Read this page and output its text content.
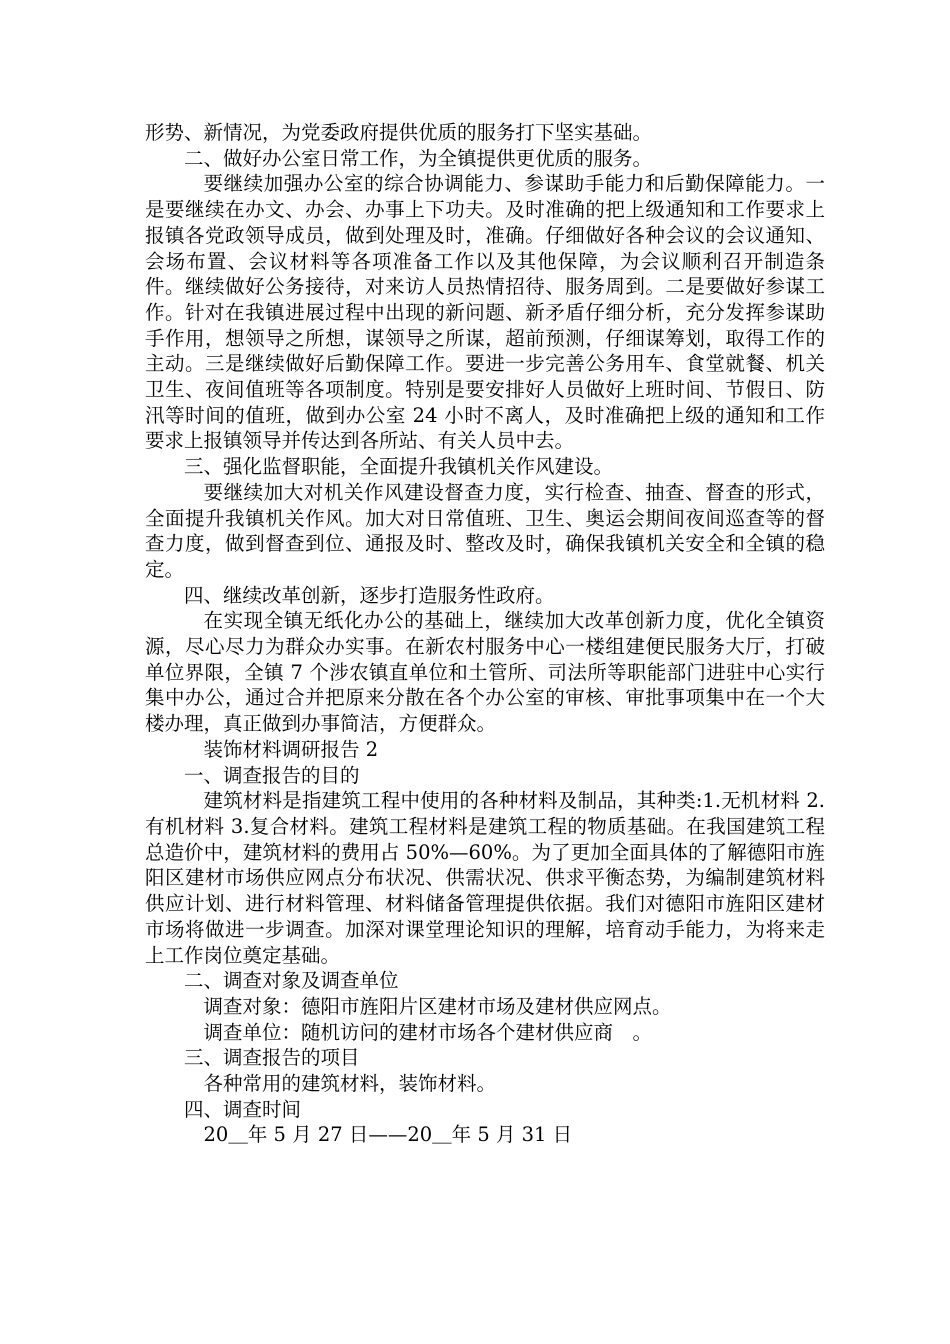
形势、新情况，为党委政府提供优质的服务打下坚实基础。

二、做好办公室日常工作，为全镇提供更优质的服务。

要继续加强办公室的综合协调能力、参谋助手能力和后勤保障能力。一是要继续在办文、办会、办事上下功夫。及时准确的把上级通知和工作要求上报镇各党政领导成员，做到处理及时，准确。仔细做好各种会议的会议通知、会场布置、会议材料等各项准备工作以及其他保障，为会议顺利召开制造条件。继续做好公务接待，对来访人员热情招待、服务周到。二是要做好参谋工作。针对在我镇进展过程中出现的新问题、新矛盾仔细分析，充分发挥参谋助手作用，想领导之所想，谋领导之所谋，超前预测，仔细谋筹划，取得工作的主动。三是继续做好后勤保障工作。要进一步完善公务用车、食堂就餐、机关卫生、夜间值班等各项制度。特别是要安排好人员做好上班时间、节假日、防汛等时间的值班，做到办公室 24 小时不离人，及时准确把上级的通知和工作要求上报镇领导并传达到各所站、有关人员中去。

三、强化监督职能，全面提升我镇机关作风建设。

要继续加大对机关作风建设督查力度，实行检查、抽查、督查的形式，全面提升我镇机关作风。加大对日常值班、卫生、奥运会期间夜间巡查等的督查力度，做到督查到位、通报及时、整改及时，确保我镇机关安全和全镇的稳定。

四、继续改革创新，逐步打造服务性政府。

在实现全镇无纸化办公的基础上，继续加大改革创新力度，优化全镇资源，尽心尽力为群众办实事。在新农村服务中心一楼组建便民服务大厅，打破单位界限，全镇 7 个涉农镇直单位和土管所、司法所等职能部门进驻中心实行集中办公，通过合并把原来分散在各个办公室的审核、审批事项集中在一个大楼办理，真正做到办事简洁，方便群众。

装饰材料调研报告 2

一、调查报告的目的

建筑材料是指建筑工程中使用的各种材料及制品，其种类:1.无机材料 2.有机材料 3.复合材料。建筑工程材料是建筑工程的物质基础。在我国建筑工程总造价中，建筑材料的费用占 50%—60%。为了更加全面具体的了解德阳市旌阳区建材市场供应网点分布状况、供需状况、供求平衡态势，为编制建筑材料供应计划、进行材料管理、材料储备管理提供依据。我们对德阳市旌阳区建材市场将做进一步调查。加深对课堂理论知识的理解，培育动手能力，为将来走上工作岗位奠定基础。

二、调查对象及调查单位

调查对象：德阳市旌阳片区建材市场及建材供应网点。

调查单位：随机访问的建材市场各个建材供应商　。

三、调查报告的项目

各种常用的建筑材料，装饰材料。

四、调查时间

20＿年 5 月 27 日——20＿年 5 月 31 日
